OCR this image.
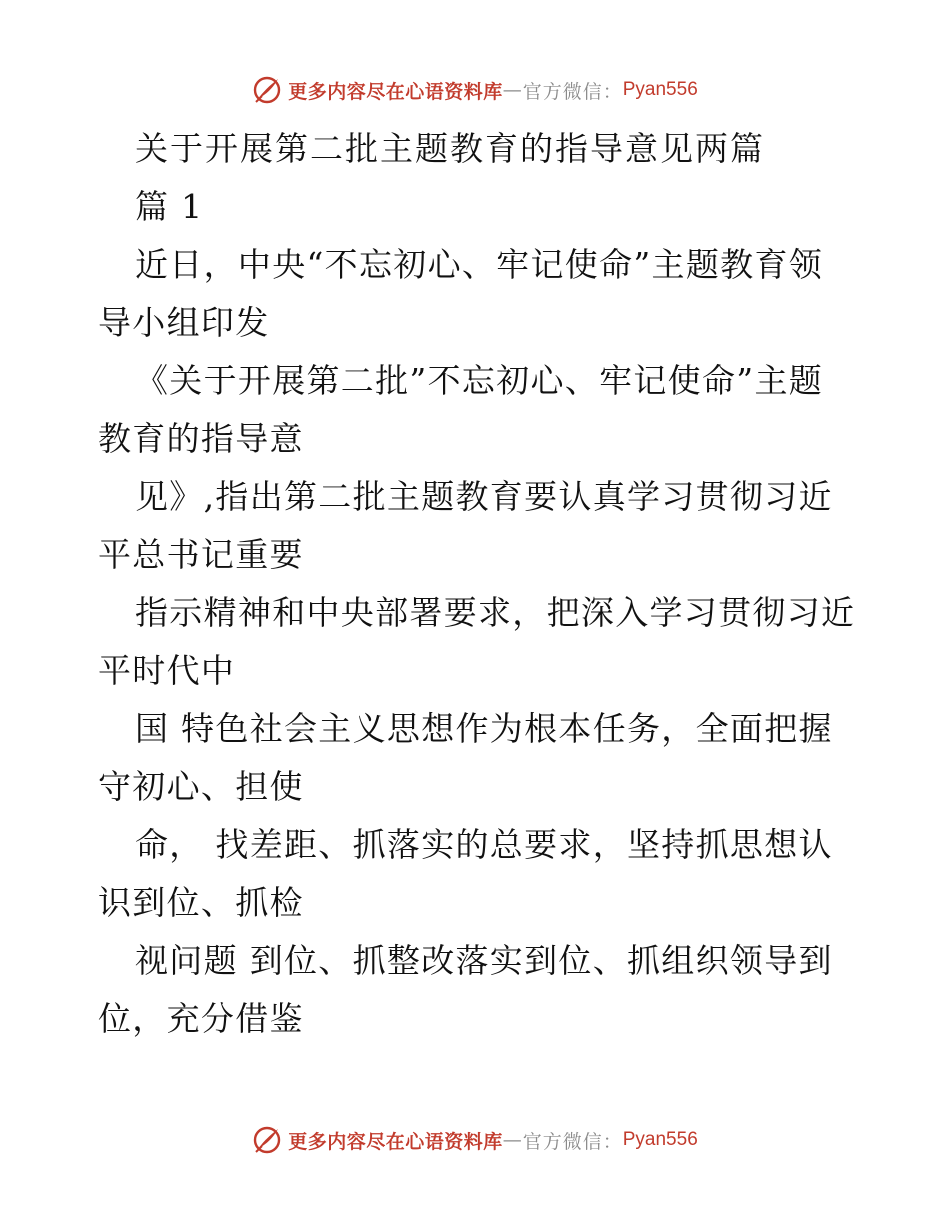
更多内容尽在心语资料库 — 官方微信： Pyan556
关于开展第二批主题教育的指导意见两篇
篇 1
近日，中央“不忘初心、牢记使命”主题教育领
导小组印发
《关于开展第二批”不忘初心、牢记使命”主题
教育的指导意
见》,指出第二批主题教育要认真学习贯彻习近
平总书记重要
指示精神和中央部署要求，把深入学习贯彻习近
平时代中
国 特色社会主义思想作为根本任务，全面把握
守初心、担使
命， 找差距、抓落实的总要求，坚持抓思想认
识到位、抓检
视问题 到位、抓整改落实到位、抓组织领导到
位，充分借鉴
更多内容尽在心语资料库 — 官方微信： Pyan556
